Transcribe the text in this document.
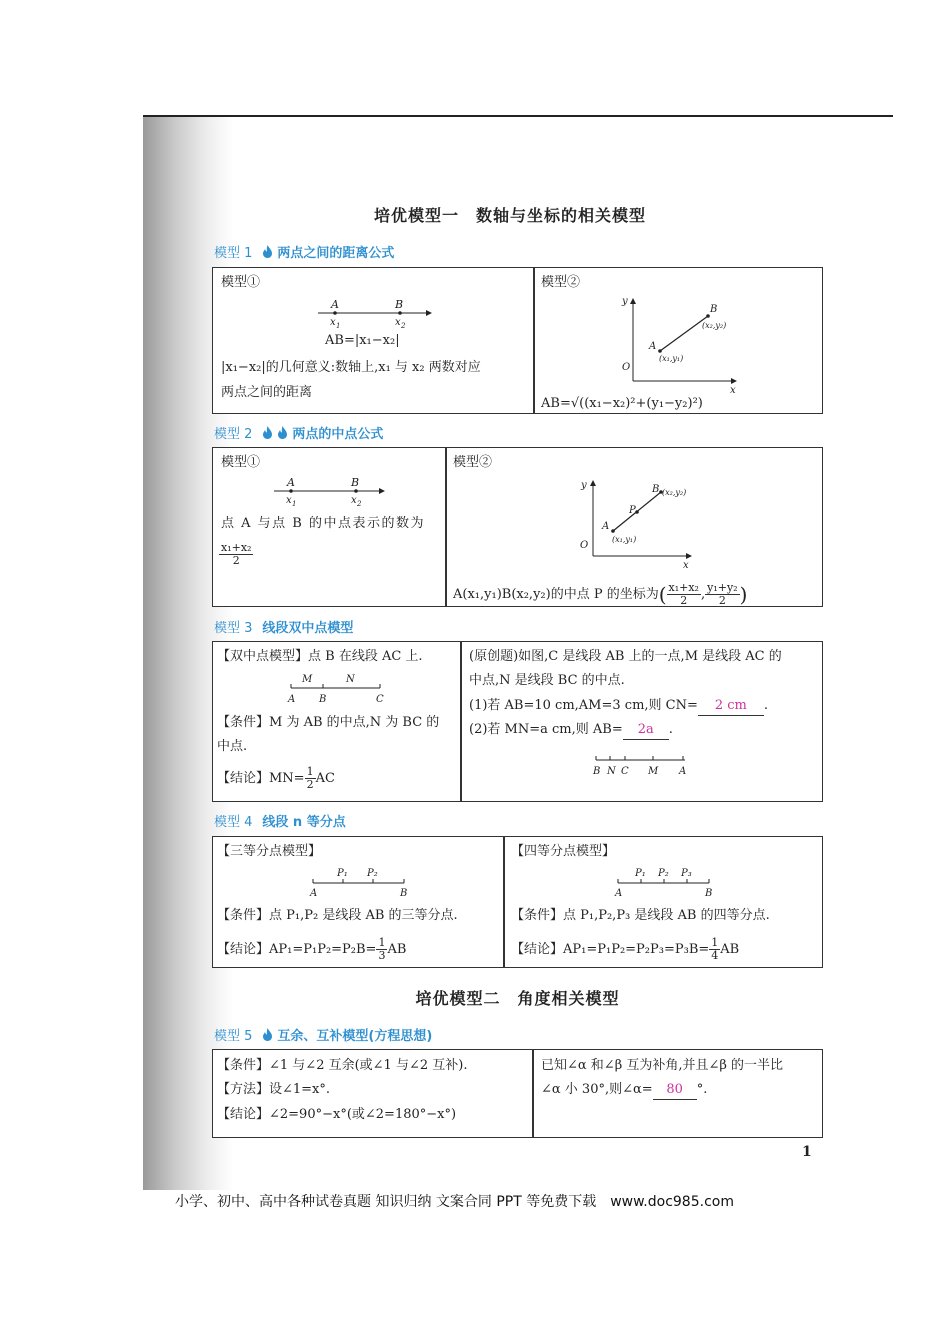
培优模型一　数轴与坐标的相关模型
模型 1 两点之间的距离公式
模型①
A	B
x 1	x 2
AB=|x₁−x₂|
|x₁−x₂|的几何意义:数轴上,x₁ 与 x₂ 两数对应
两点之间的距离
模型②
y
x
O
A
B
(x₁,y₁)
(x₂,y₂)
AB=√((x₁−x₂)²+(y₁−y₂)²)
模型 2	两点的中点公式
模型①
A	B
x 1	x 2
点 A 与点 B 的中点表示的数为
$\frac{\text{x₁+x₂}}{2}$
模型②
y
x
O
A
P
B
(x₁,y₁)
(x₂,y₂)
A(x₁,y₁)B(x₂,y₂)的中点 P 的坐标为( $\frac{\text{x₁+x₂}}{2}$ , $\frac{\text{y₁+y₂}}{2}$ )
模型 3 线段双中点模型
【双中点模型】点 B 在线段 AC 上.
M	N
A B	C
【条件】M 为 AB 的中点,N 为 BC 的
中点.
【结论】$MN= \frac{1}{2}$ AC
(原创题)如图,C 是线段 AB 上的一点,M 是线段 AC 的
中点,N 是线段 BC 的中点.
(1)若 AB=10 cm,AM=3 cm,则 CN= 2 cm .
(2)若 MN=a cm,则 AB= 2a .
B N C M A
模型 4 线段 n 等分点
【三等分点模型】
P₁ P₂
A	B
【条件】点 P₁,P₂ 是线段 AB 的三等分点.
【结论】$AP_1=P_1P_2=P_2B= \frac{1}{3}$ AB
【四等分点模型】
P₁ P₂ P₃
A	B
【条件】点 P₁,P₂,P₃ 是线段 AB 的四等分点.
【结论】$AP_1=P_1P_2=P_2P_3=P_3B= \frac{1}{4}$ AB
培优模型二　角度相关模型
模型 5 互余、互补模型(方程思想)
【条件】∠1 与∠2 互余(或∠1 与∠2 互补).
【方法】设∠1=x°.
【结论】∠2=90°−x°(或∠2=180°−x°)
已知∠α 和∠β 互为补角,并且∠β 的一半比
∠α 小 30°,则∠α= 80 °.
1
小学、初中、高中各种试卷真题 知识归纳 文案合同 PPT 等免费下载　www.doc985.com
